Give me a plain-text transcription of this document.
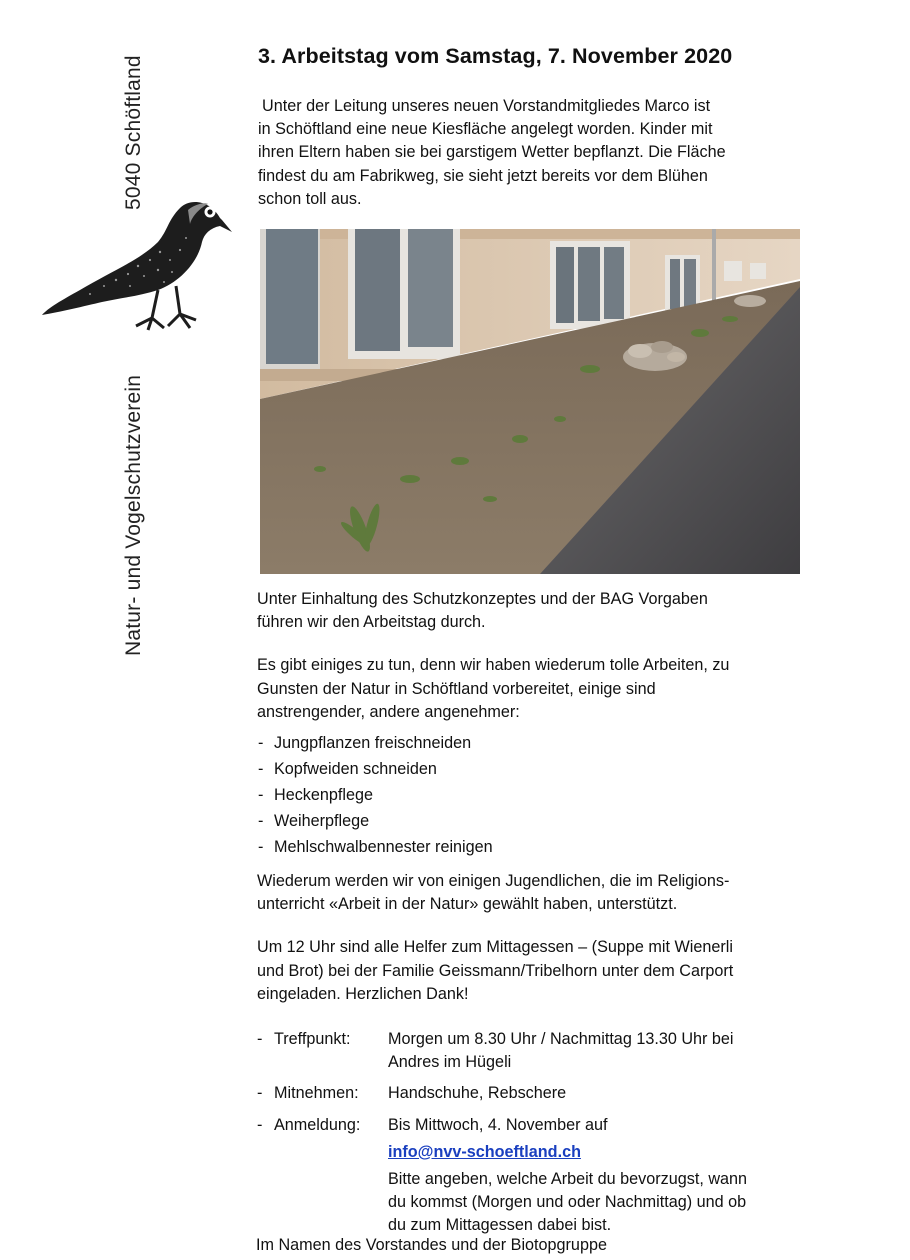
Natur- und Vogelschutzverein
5040 Schöftland	3. Arbeitstag vom Samstag, 7. November 2020
Unter der Leitung unseres neuen Vorstandmitgliedes Marco ist
in Schöftland eine neue Kiesfläche angelegt worden. Kinder mit
ihren Eltern haben sie bei garstigem Wetter bepflanzt. Die Fläche
findest du am Fabrikweg, sie sieht jetzt bereits vor dem Blühen
schon toll aus.
Unter Einhaltung des Schutzkonzeptes und der BAG Vorgaben
führen wir den Arbeitstag durch.
Es gibt einiges zu tun, denn wir haben wiederum tolle Arbeiten, zu
Gunsten der Natur in Schöftland vorbereitet, einige sind
anstrengender, andere angenehmer:
- Jungpflanzen freischneiden
- Kopfweiden schneiden
- Heckenpflege
- Weiherpflege
- Mehlschwalbennester reinigen
Wiederum werden wir von einigen Jugendlichen, die im Religions-
unterricht «Arbeit in der Natur» gewählt haben, unterstützt.
Um 12 Uhr sind alle Helfer zum Mittagessen – (Suppe mit Wienerli
und Brot) bei der Familie Geissmann/Tribelhorn unter dem Carport
eingeladen. Herzlichen Dank!
- Treffpunkt:	Morgen um 8.30 Uhr / Nachmittag 13.30 Uhr bei
Andres im Hügeli
- Mitnehmen:	Handschuhe, Rebschere
- Anmeldung:	Bis Mittwoch, 4. November auf
info@nvv-schoeftland.ch
Bitte angeben, welche Arbeit du bevorzugst, wann
du kommst (Morgen und oder Nachmittag) und ob
du zum Mittagessen dabei bist.
Im Namen des Vorstandes und der Biotopgruppe
